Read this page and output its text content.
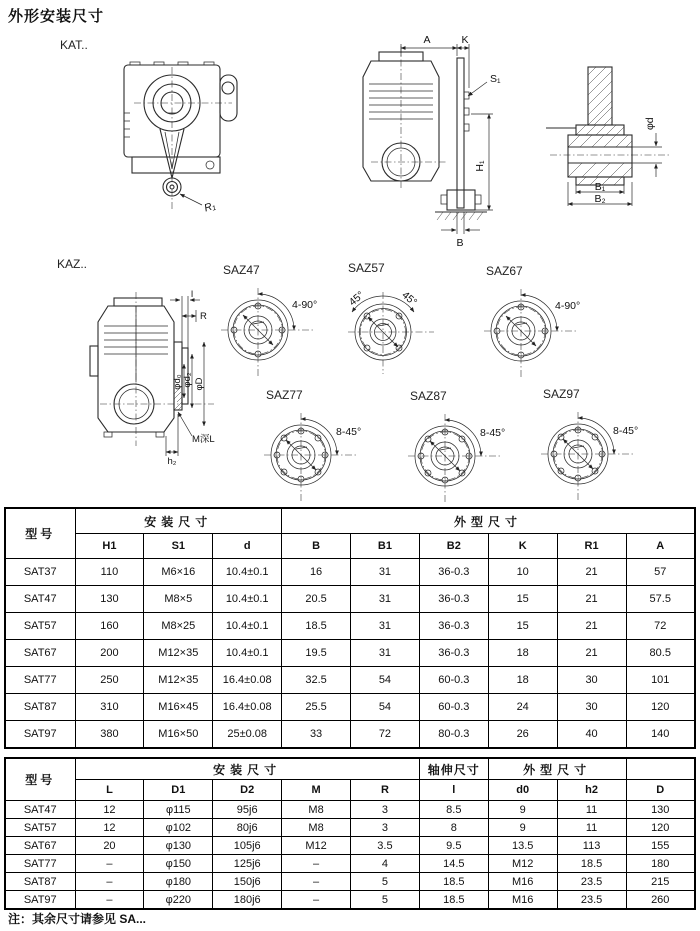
外形安装尺寸
KAT..
R₁
A	K
S₁
H₁
B
φd
B₁
B₂
KAZ..
l
R
φd₀ φd₂ φD
M深L
h₂
SAZ47
4-90°
SAZ57
45°	45°
SAZ67
4-90°
SAZ77
8-45°
SAZ87
8-45°
SAZ97
8-45°
型号	安装尺寸			外型尺寸					
	H1	S1	d	B	B1	B2	K	R1	A
SAT37	110	M6×16	10.4±0.1	16	31	36-0.3	10	21	57
SAT47	130	M8×5	10.4±0.1	20.5	31	36-0.3	15	21	57.5
SAT57	160	M8×25	10.4±0.1	18.5	31	36-0.3	15	21	72
SAT67	200	M12×35	10.4±0.1	19.5	31	36-0.3	18	21	80.5
SAT77	250	M12×35	16.4±0.08	32.5	54	60-0.3	18	30	101
SAT87	310	M16×45	16.4±0.08	25.5	54	60-0.3	24	30	120
SAT97	380	M16×50	25±0.08	33	72	80-0.3	26	40	140
型号	安装尺寸					轴伸尺寸	外型尺寸		
	L	D1	D2	M	R	l	d0	h2	D
SAT47	12	φ115	95j6	M8	3	8.5	9	11	130
SAT57	12	φ102	80j6	M8	3	8	9	11	120
SAT67	20	φ130	105j6	M12	3.5	9.5	13.5	113	155
SAT77	–	φ150	125j6	–	4	14.5	M12	18.5	180
SAT87	–	φ180	150j6	–	5	18.5	M16	23.5	215
SAT97	–	φ220	180j6	–	5	18.5	M16	23.5	260
注：其余尺寸请参见 SA...
